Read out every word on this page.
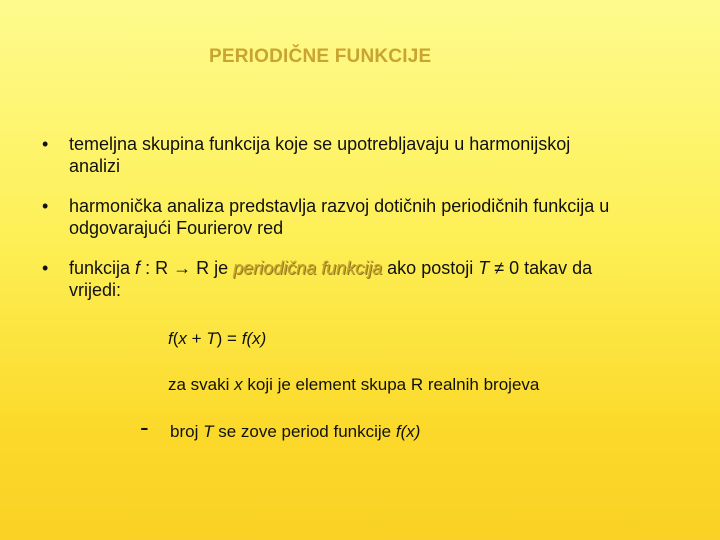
PERIODIČNE FUNKCIJE
• temeljna skupina funkcija koje se upotrebljavaju u harmonijskoj
analizi
• harmonička analiza predstavlja razvoj dotičnih periodičnih funkcija u
odgovarajući Fourierov red
• funkcija f : R → R je periodična funkcija ako postoji T ≠ 0 takav da
vrijedi:
f(x + T) = f(x)
za svaki x koji je element skupa R realnih brojeva
- broj T se zove period funkcije f(x)
